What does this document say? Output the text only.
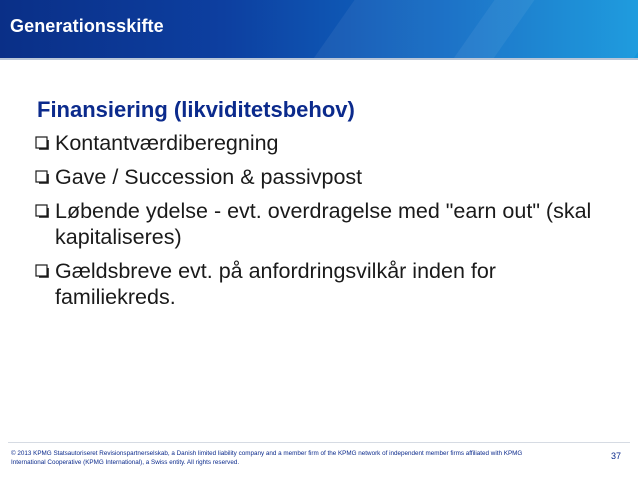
Generationsskifte
Finansiering (likviditetsbehov)
Kontantværdiberegning
Gave / Succession & passivpost
Løbende ydelse - evt. overdragelse med "earn out" (skal kapitaliseres)
Gældsbreve evt. på anfordringsvilkår inden for familiekreds.
© 2013 KPMG Statsautoriseret Revisionspartnerselskab, a Danish limited liability company and a member firm of the KPMG network of independent member firms affiliated with KPMG International Cooperative (KPMG International), a Swiss entity. All rights reserved.
37
